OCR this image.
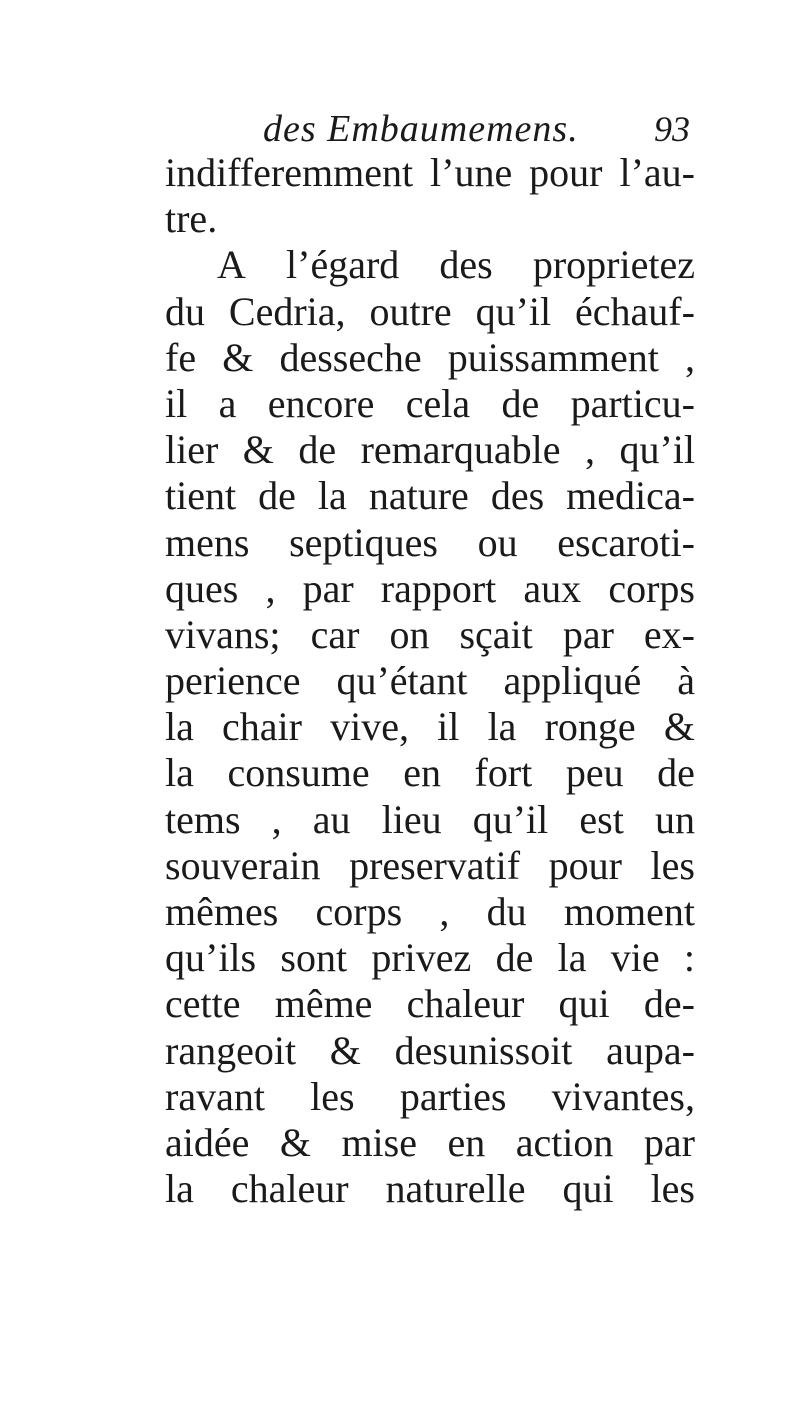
des Embaumemens. 93
indifferemment l’une pour l’au-
tre.
A l’égard des proprietez
du Cedria, outre qu’il échauf-
fe & desseche puissamment ,
il a encore cela de particu-
lier & de remarquable , qu’il
tient de la nature des medica-
mens septiques ou escaroti-
ques , par rapport aux corps
vivans; car on sçait par ex-
perience qu’étant appliqué à
la chair vive, il la ronge &
la consume en fort peu de
tems , au lieu qu’il est un
souverain preservatif pour les
mêmes corps , du moment
qu’ils sont privez de la vie :
cette même chaleur qui de-
rangeoit & desunissoit aupa-
ravant les parties vivantes,
aidée & mise en action par
la chaleur naturelle qui les
